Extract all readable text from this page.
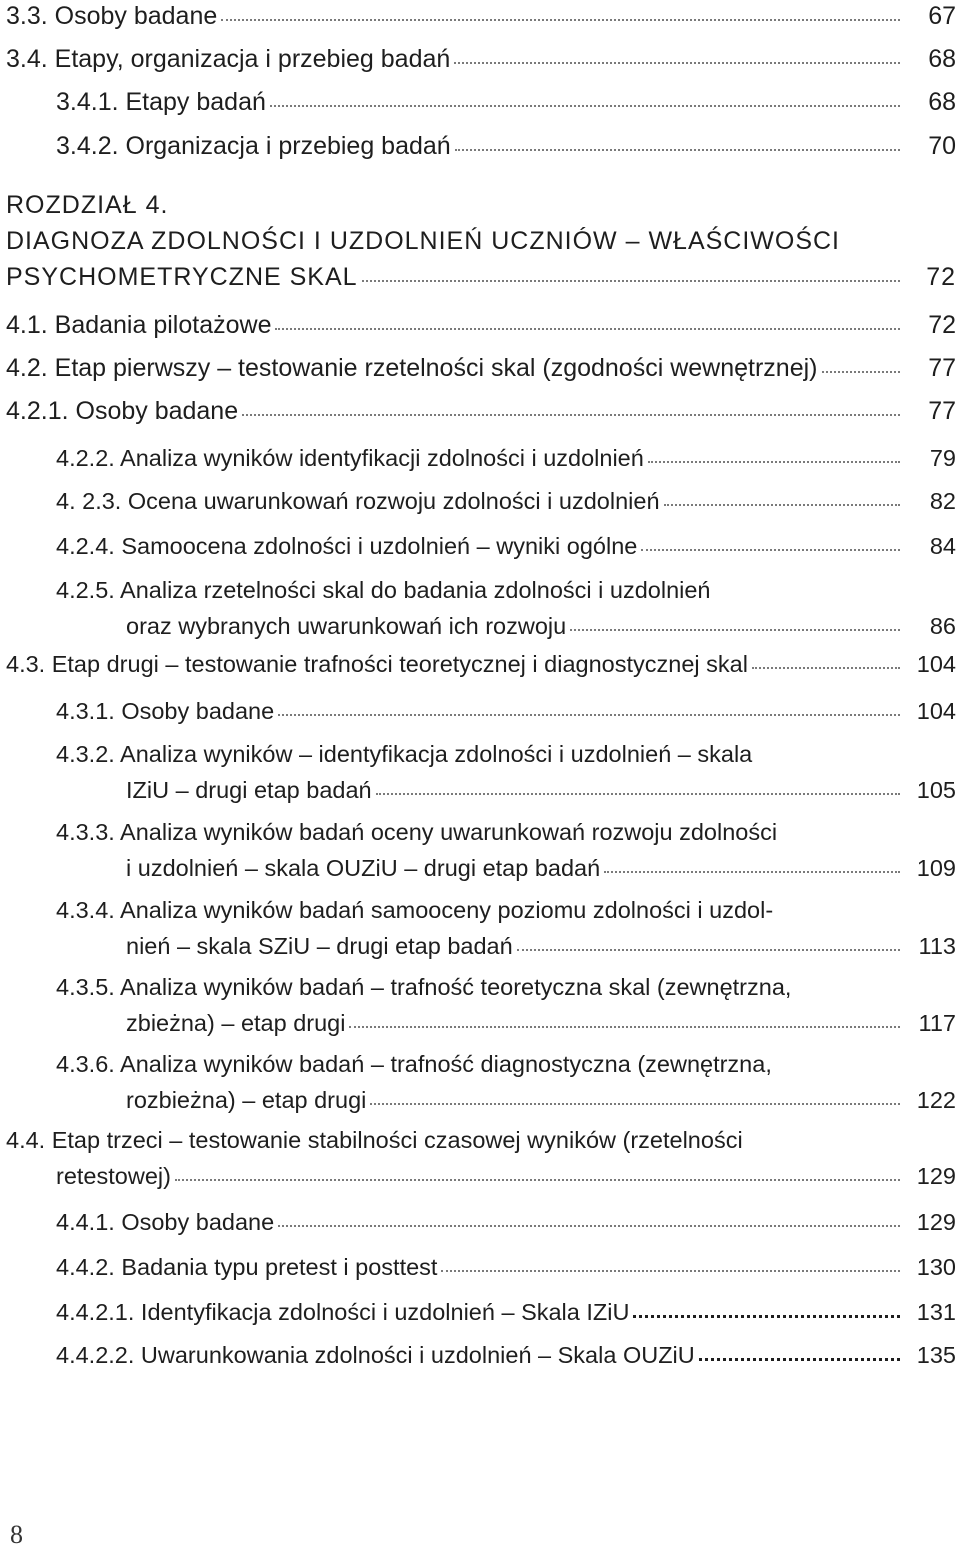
3.3. Osoby badane	67
3.4. Etapy, organizacja i przebieg badań	68
3.4.1. Etapy badań	68
3.4.2. Organizacja i przebieg badań	70
ROZDZIAŁ 4.
DIAGNOZA ZDOLNOŚCI I UZDOLNIEŃ UCZNIÓW – WŁAŚCIWOŚCI
PSYCHOMETRYCZNE SKAL	72
4.1. Badania pilotażowe	72
4.2. Etap pierwszy – testowanie rzetelności skal (zgodności wewnętrznej)	77
4.2.1. Osoby badane	77
4.2.2. Analiza wyników identyfikacji zdolności i uzdolnień	79
4. 2.3. Ocena uwarunkowań rozwoju zdolności i uzdolnień	82
4.2.4. Samoocena zdolności i uzdolnień – wyniki ogólne	84
4.2.5. Analiza rzetelności skal do badania zdolności i uzdolnień
oraz wybranych uwarunkowań ich rozwoju	86
4.3. Etap drugi – testowanie trafności teoretycznej i diagnostycznej skal	104
4.3.1. Osoby badane	104
4.3.2. Analiza wyników – identyfikacja zdolności i uzdolnień – skala
IZiU – drugi etap badań	105
4.3.3. Analiza wyników badań oceny uwarunkowań rozwoju zdolności
i uzdolnień – skala OUZiU – drugi etap badań	109
4.3.4. Analiza wyników badań samooceny poziomu zdolności i uzdol-
nień – skala SZiU – drugi etap badań	113
4.3.5. Analiza wyników badań – trafność teoretyczna skal (zewnętrzna,
zbieżna) – etap drugi	117
4.3.6. Analiza wyników badań – trafność diagnostyczna (zewnętrzna,
rozbieżna) – etap drugi	122
4.4. Etap trzeci – testowanie stabilności czasowej wyników (rzetelności
retestowej)	129
4.4.1. Osoby badane	129
4.4.2. Badania typu pretest i posttest	130
4.4.2.1. Identyfikacja zdolności i uzdolnień – Skala IZiU	131
4.4.2.2. Uwarunkowania zdolności i uzdolnień – Skala OUZiU	135
8
